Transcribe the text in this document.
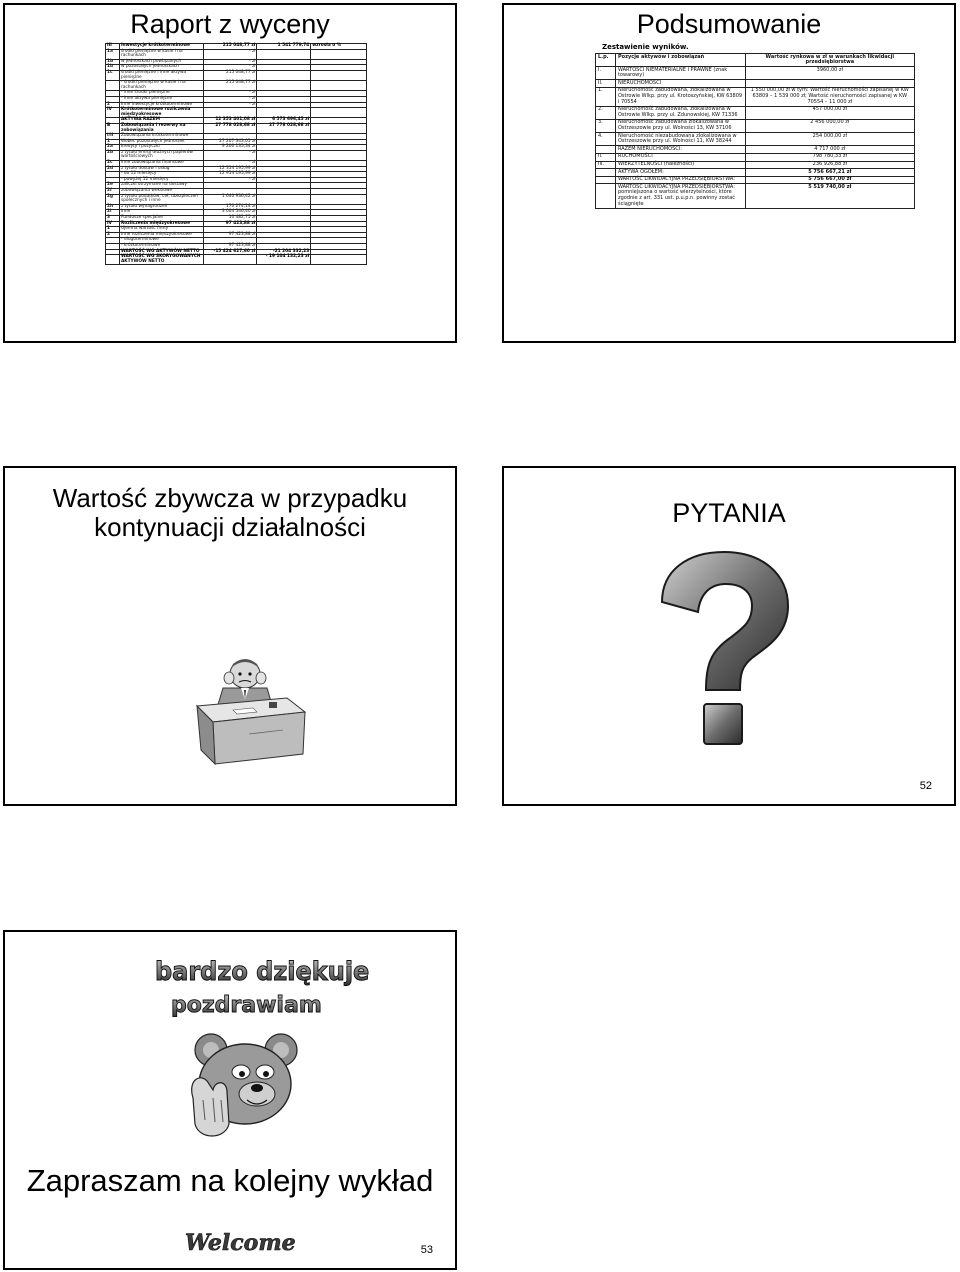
Raport z wyceny
III	Inwestycje krótkoterminowe	215 048,77 zł	1 541 779,74	wzrosła o %
1a	środki pieniężne w kasie i na rachunkach	- zł		
1b	w jednostkach powiązanych	- zł		
1b	w pozostałych jednostkach	- zł		
1c	środki pieniężne i inne aktywa pieniężne	215 048,77 zł		
	- środki pieniężne w kasie i na rachunkach	215 048,77 zł		
	- inne środki pieniężne	- zł		
	- inne aktywa pieniężne	- zł		
2	Inne inwestycje krótkoterminowe	- zł		
IV	Krótkoterminowe rozliczenia międzyokresowe			
	AKTYWA RAZEM	12 353 401,08 zł	6 573 696,45 zł	
B	Zobowiązania i rezerwy na zobowiązania	27 778 028,68 zł	27 778 028,68 zł	
I/II	Zobowiązania krótkoterminowe			
1	Wobec pozostałych jednostek	27 207 343,05 zł		
2a	kredyty i pożyczki	9 200 135,34 zł		
2b	z tytułu emisji dłużnych papierów wartościowych	- zł		
2c	inne zobowiązania finansowe	- zł		
2d	z tytułu dostaw i usług	12 354 195,99 zł		
	- do 12 miesięcy	12 954 195,99 zł		
	- powyżej 12 miesięcy	- zł		
2e	zaliczki otrzymane na dostawy			
2f	zobowiązania wekslowe			
2g	z tytułu podatków, ceł, ubezpieczeń społecznych i inne	1 640 936,42 zł		
2h	z tytułu wynagrodzeń	170 274,14 zł		
2i	inne	3 004 546,40 zł		
3	Fundusze specjalne	10 482,75 zł		
IV	Rozliczenia międzyokresowe	97 423,88 zł		
1	Ujemna wartość firmy			
2	Inne rozliczenia międzyokresowe	97 423,88 zł		
	- długoterminowe			
	- krótkoterminowe	97 423,88 zł		
	WARTOŚĆ WG AKTYWÓW NETTO	-15 424 627,60 zł	-21 204 332,23	
	WARTOŚĆ WG SKORYGOWANYCH AKTYWÓW NETTO		- 19 104 132,23 zł	
Podsumowanie
Zestawienie wyników.
L.p.	Pozycje aktywów i zobowiązań	Wartość rynkowa w zł w warunkach likwidacji przedsiębiorstwa
I.	WARTOŚCI NIEMATERIALNE I PRAWNE (znak towarowy)	3960,00 zł
II.	NIERUCHOMOŚCI	
1.	Nieruchomość zabudowana, zlokalizowana w Ostrowie Wlkp. przy ul. Krotoszyńskiej, KW 63809 i 70554	1 550 000,00 zł w tym: Wartość nieruchomości zapisanej w KW 63809 – 1 539 000 zł; Wartość nieruchomości zapisanej w KW 70554 – 11 000 zł
2.	Nieruchomość zabudowana, zlokalizowana w Ostrowie Wlkp. przy ul. Zdunowskiej, KW 71336	457 000,00 zł
3.	Nieruchomość zabudowana zlokalizowana w Ostrzeszowie przy ul. Wolności 13, KW 37106	2 456 000,00 zł
4.	Nieruchomość niezabudowana zlokalizowana w Ostrzeszowie przy ul. Wolności 11, KW 38244	254 000,00 zł
	RAZEM NIERUCHOMOŚCI:	4 717 000 zł
II.	RUCHOMOŚCI	798 780,33 zł
III.	WIERZYTELNOŚCI (należności)	236 926,88 zł
	AKTYWA OGÓŁEM:	5 756 667,21 zł
	WARTOŚĆ LIKWIDACYJNA PRZEDSIĘBIORSTWA:	5 756 667,00 zł
	WARTOŚĆ LIKWIDACYJNA PRZEDSIĘBIORSTWA: pomniejszona o wartość wierzytelności, które zgodnie z art. 331 ust. p.u.p.n. powinny zostać ściągnięte	5 519 740,00 zł
Wartość zbywcza w przypadku
kontynuacji działalności	PYTANIA
52
bardzo dziękuje
pozdrawiam
Zapraszam na kolejny wykład
Welcome	53
